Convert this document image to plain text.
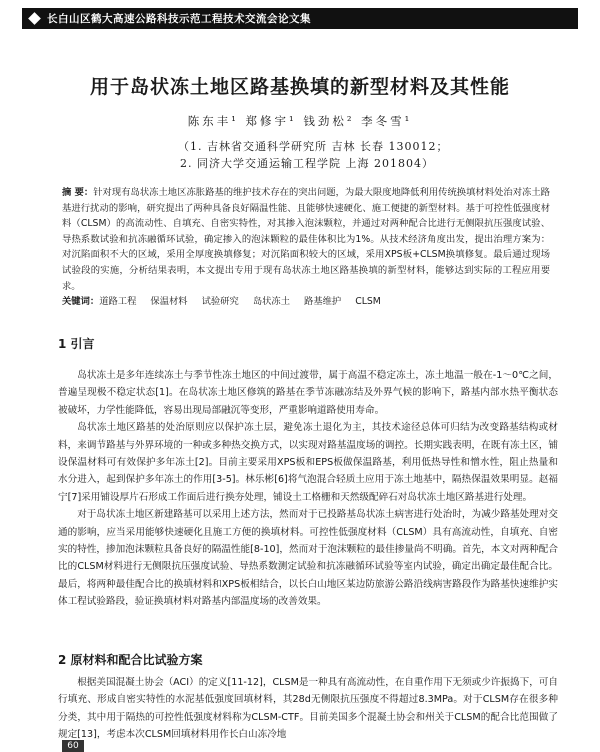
长白山区鹤大高速公路科技示范工程技术交流会论文集
用于岛状冻土地区路基换填的新型材料及其性能
陈东丰¹ 郑修宇¹ 钱劲松² 李冬雪¹
（1. 吉林省交通科学研究所 吉林 长春 130012；
2. 同济大学交通运输工程学院 上海 201804）
摘 要：针对现有岛状冻土地区冻胀路基的维护技术存在的突出问题，为最大限度地降低利用传统换填材料处治对冻土路基进行扰动的影响，研究提出了两种具备良好隔温性能、且能够快速硬化、施工便捷的新型材料。基于可控性低强度材料（CLSM）的高流动性、自填充、自密实特性，对其掺入泡沫颗粒，并通过对两种配合比进行无侧限抗压强度试验、导热系数试验和抗冻融循环试验，确定掺入的泡沫颗粒的最佳体积比为1%。从技术经济角度出发，提出治理方案为：对沉陷面积不大的区域，采用全厚度换填修复；对沉陷面积较大的区域，采用XPS板+CLSM换填修复。最后通过现场试验段的实施，分析结果表明，本文提出专用于现有岛状冻土地区路基换填的新型材料，能够达到实际的工程应用要求。
关键词：道路工程 保温材料 试验研究 岛状冻土 路基维护 CLSM
1 引言

岛状冻土是多年连续冻土与季节性冻土地区的中间过渡带，属于高温不稳定冻土，冻土地温一般在-1～0℃之间，普遍呈现极不稳定状态[1]。在岛状冻土地区修筑的路基在季节冻融冻结及外界气候的影响下，路基内部水热平衡状态被破坏，力学性能降低，容易出现局部融沉等变形，严重影响道路使用寿命。

岛状冻土地区路基的处治原则应以保护冻土层，避免冻土退化为主，其技术途径总体可归结为改变路基结构或材料，来调节路基与外界环境的一种或多种热交换方式，以实现对路基温度场的调控。长期实践表明，在既有冻土区，铺设保温材料可有效保护多年冻土[2]。目前主要采用XPS板和EPS板做保温路基，利用低热导性和憎水性，阻止热量和水分进入，起到保护多年冻土的作用[3-5]。林乐彬[6]将气泡混合轻质土应用于冻土地基中，隔热保温效果明显。赵福宁[7]采用铺设厚片石形成工作面后进行换夯处理，铺设土工格栅和天然级配碎石对岛状冻土地区路基进行处理。

对于岛状冻土地区新建路基可以采用上述方法，然而对于已投路基岛状冻土病害进行处治时，为减少路基处理对交通的影响，应当采用能够快速硬化且施工方便的换填材料。可控性低强度材料（CLSM）具有高流动性，自填充、自密实的特性，掺加泡沫颗粒具备良好的隔温性能[8-10]，然而对于泡沫颗粒的最佳掺量尚不明确。首先，本文对两种配合比的CLSM材料进行无侧限抗压强度试验、导热系数测定试验和抗冻融循环试验等室内试验，确定出确定最佳配合比。最后，将两种最佳配合比的换填材料和XPS板相结合，以长白山地区某边防旅游公路沿线病害路段作为路基快速维护实体工程试验路段，验证换填材料对路基内部温度场的改善效果。

2 原材料和配合比试验方案

根据美国混凝土协会（ACI）的定义[11-12]，CLSM是一种具有高流动性，在自重作用下无须或少许振捣下，可自行填充、形成自密实特性的水泥基低强度回填材料，其28d无侧限抗压强度不得超过8.3MPa。对于CLSM存在很多种分类，其中用于隔热的可控性低强度材料称为CLSM-CTF。目前美国多个混凝土协会和州关于CLSM的配合比范围做了规定[13]，考虑本次CLSM回填材料用作长白山冻冷地

60
